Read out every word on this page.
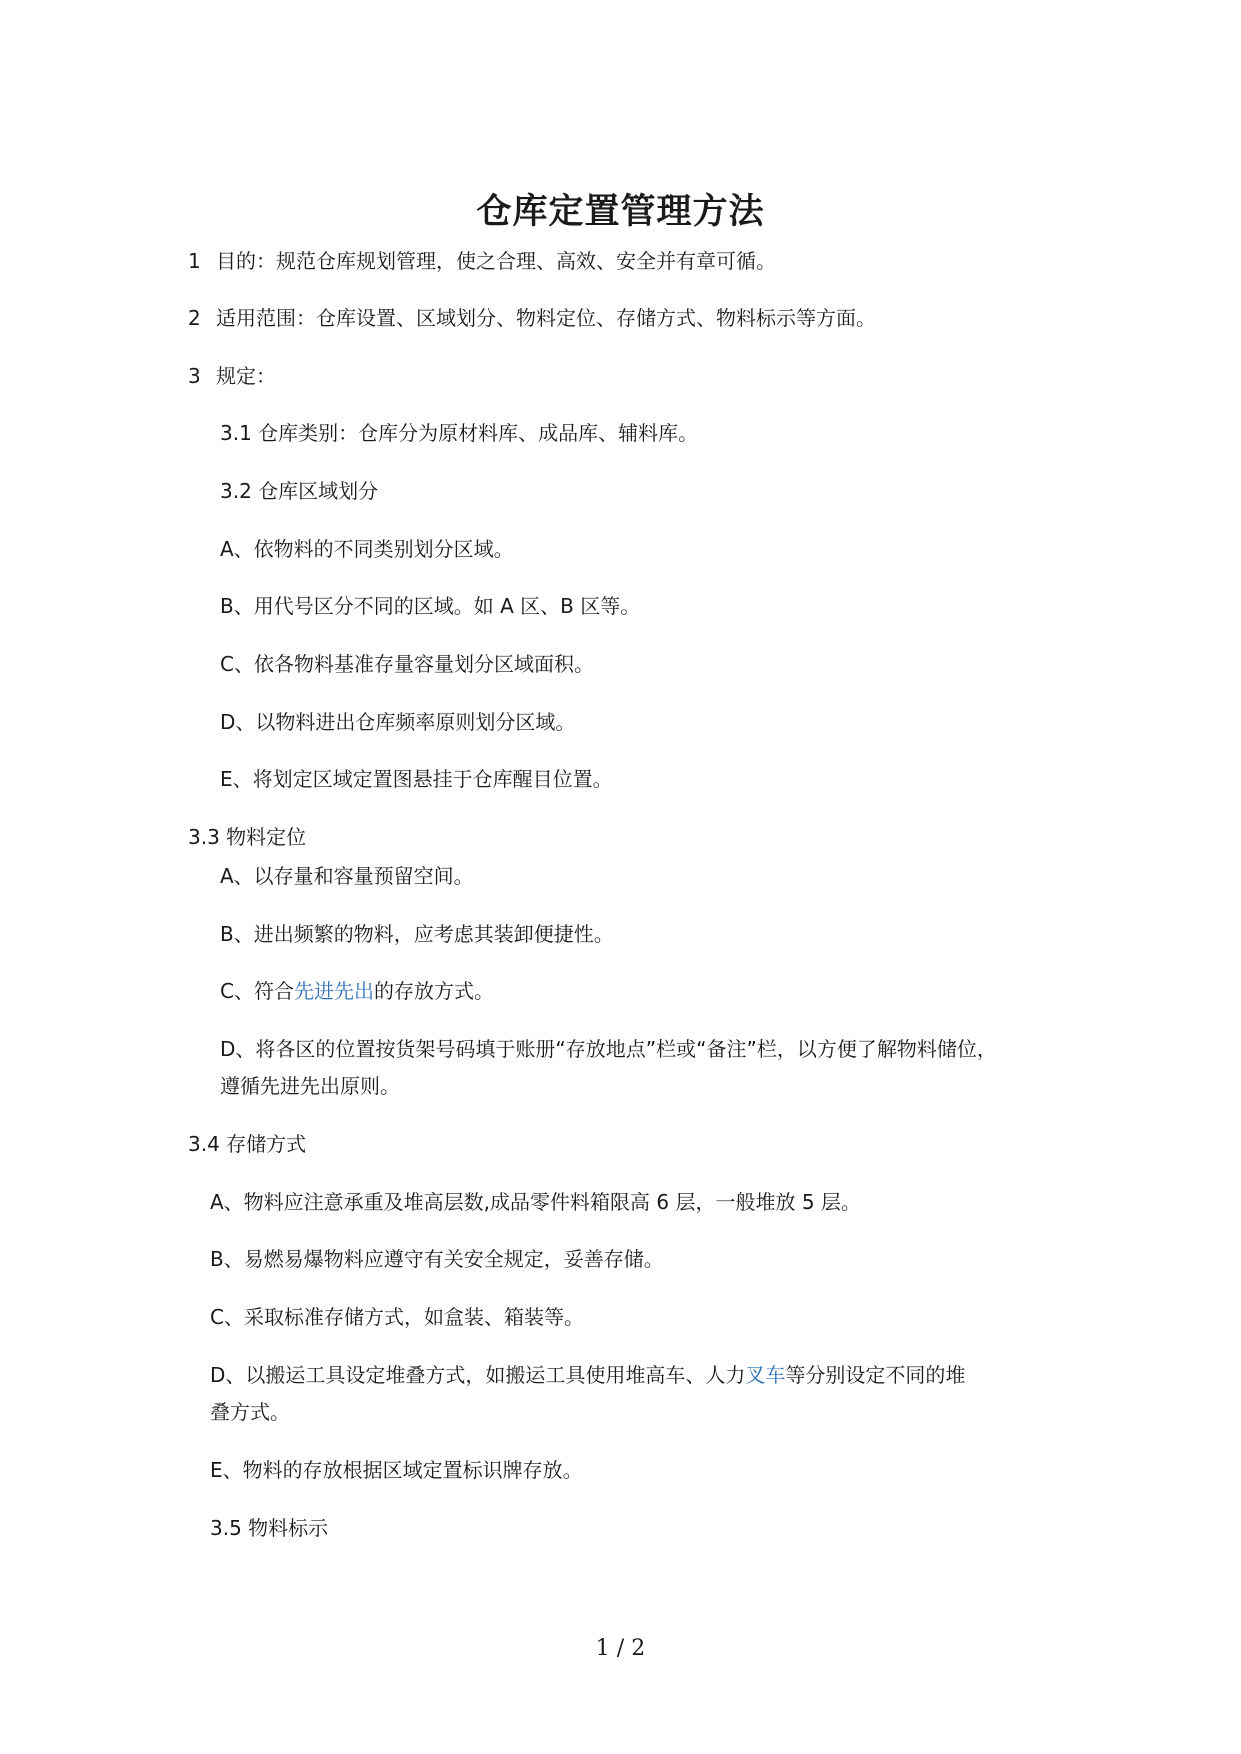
仓库定置管理方法
1 目的：规范仓库规划管理，使之合理、高效、安全并有章可循。
2 适用范围：仓库设置、区域划分、物料定位、存储方式、物料标示等方面。
3 规定：
3.1 仓库类别：仓库分为原材料库、成品库、辅料库。
3.2 仓库区域划分
A、依物料的不同类别划分区域。
B、用代号区分不同的区域。如 A 区、B 区等。
C、依各物料基准存量容量划分区域面积。
D、以物料进出仓库频率原则划分区域。
E、将划定区域定置图悬挂于仓库醒目位置。
3.3 物料定位
A、以存量和容量预留空间。
B、进出频繁的物料，应考虑其装卸便捷性。
C、符合先进先出的存放方式。
D、将各区的位置按货架号码填于账册“存放地点”栏或“备注”栏，以方便了解物料储位，
遵循先进先出原则。
3.4 存储方式
A、物料应注意承重及堆高层数,成品零件料箱限高 6 层，一般堆放 5 层。
B、易燃易爆物料应遵守有关安全规定，妥善存储。
C、采取标准存储方式，如盒装、箱装等。
D、以搬运工具设定堆叠方式，如搬运工具使用堆高车、人力叉车等分别设定不同的堆
叠方式。
E、物料的存放根据区域定置标识牌存放。
3.5 物料标示
1 / 2
